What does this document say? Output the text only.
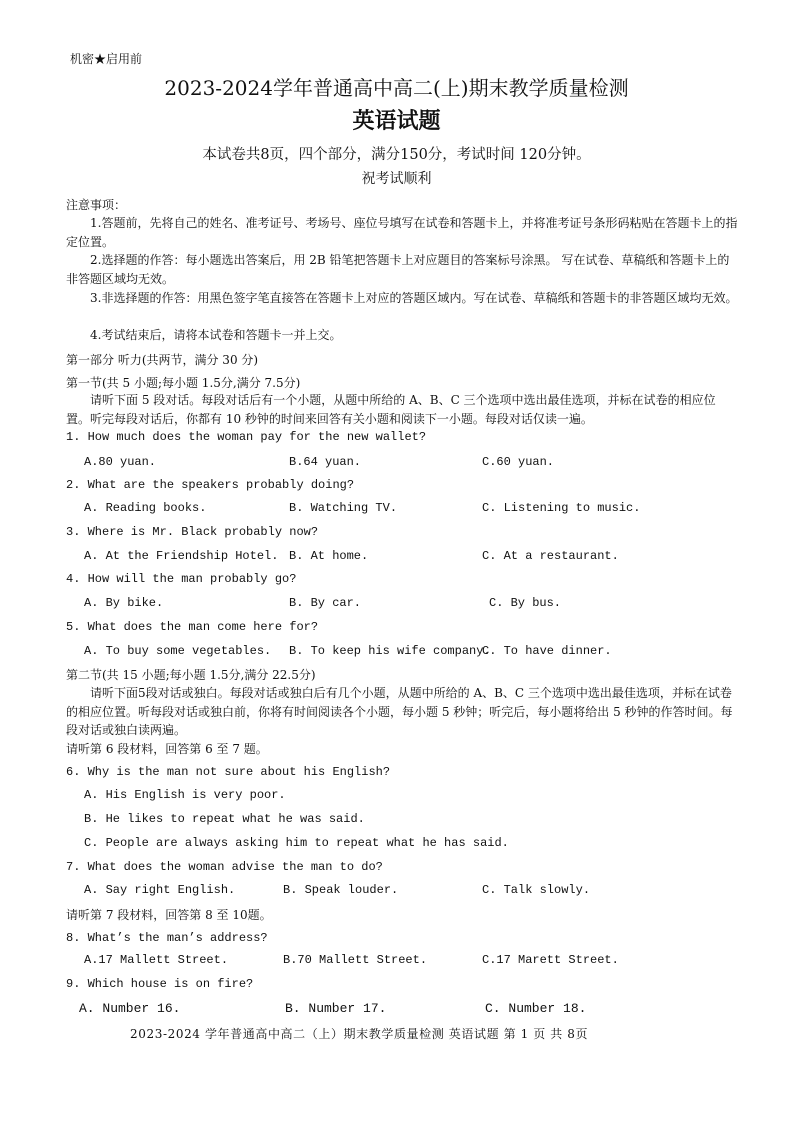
机密★启用前
2023-2024学年普通高中高二(上)期末教学质量检测
英语试题
本试卷共8页，四个部分，满分150分，考试时间 120分钟。
祝考试顺利
注意事项：
1.答题前，先将自己的姓名、准考证号、考场号、座位号填写在试卷和答题卡上，并将准考证号条形码粘贴在答题卡上的指定位置。
2.选择题的作答：每小题选出答案后，用 2B 铅笔把答题卡上对应题目的答案标号涂黑。 写在试卷、草稿纸和答题卡上的非答题区域均无效。
3.非选择题的作答：用黑色签字笔直接答在答题卡上对应的答题区域内。写在试卷、草稿纸和答题卡的非答题区域均无效。
4.考试结束后，请将本试卷和答题卡一并上交。
第一部分 听力(共两节，满分 30 分)
第一节(共 5 小题;每小题 1.5分,满分 7.5分)
请听下面 5 段对话。每段对话后有一个小题，从题中所给的 A、B、C 三个选项中选出最佳选项，并标在试卷的相应位置。听完每段对话后，你都有 10 秒钟的时间来回答有关小题和阅读下一小题。每段对话仅读一遍。
1. How much does the woman pay for the new wallet?
A.80 yuan.	B.64 yuan.	C.60 yuan.
2. What are the speakers probably doing?
A. Reading books.	B. Watching TV.	C. Listening to music.
3. Where is Mr. Black probably now?
A. At the Friendship Hotel. B. At home.	C. At a restaurant.
4. How will the man probably go?
A. By bike.	B. By car.	C. By bus.
5. What does the man come here for?
A. To buy some vegetables. B. To keep his wife company.
C. To have dinner.
第二节(共 15 小题;每小题 1.5分,满分 22.5分)
请听下面5段对话或独白。每段对话或独白后有几个小题，从题中所给的 A、B、C 三个选项中选出最佳选项，并标在试卷的相应位置。听每段对话或独白前，你将有时间阅读各个小题，每小题 5 秒钟；听完后，每小题将给出 5 秒钟的作答时间。每段对话或独白读两遍。
请听第 6 段材料，回答第 6 至 7 题。
6. Why is the man not sure about his English?
A. His English is very poor.
B. He likes to repeat what he was said.
C. People are always asking him to repeat what he has said.
7. What does the woman advise the man to do?
A. Say right English.	B. Speak louder.	C. Talk slowly.
请听第 7 段材料，回答第 8 至 10题。
8. What’s the man’s address?
A.17 Mallett Street.	B.70 Mallett Street.	C.17 Marett Street.
9. Which house is on fire?
A. Number 16.	B. Number 17.	C. Number 18.
2023-2024 学年普通高中高二（上）期末教学质量检测 英语试题 第 1 页 共 8页
